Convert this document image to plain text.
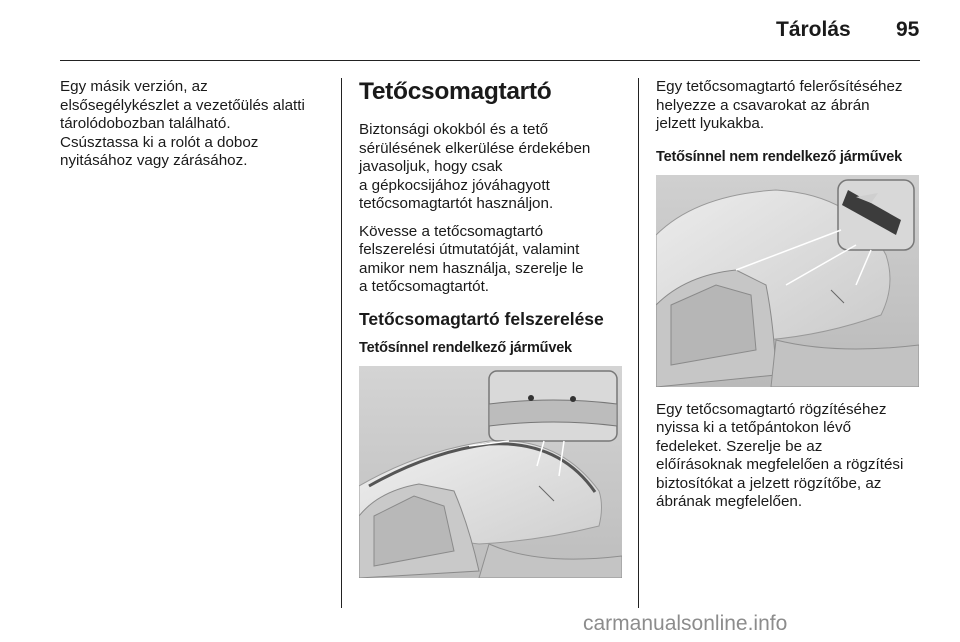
Tárolás 95

Egy másik verzión, az
elsősegélykészlet a vezetőülés alatti
tárolódobozban található.
Csúsztassa ki a rolót a doboz
nyitásához vagy zárásához.

Tetőcsomagtartó

Biztonsági okokból és a tető
sérülésének elkerülése érdekében
javasoljuk, hogy csak
a gépkocsijához jóváhagyott
tetőcsomagtartót használjon.

Kövesse a tetőcsomagtartó
felszerelési útmutatóját, valamint
amikor nem használja, szerelje le
a tetőcsomagtartót.

Tetőcsomagtartó felszerelése
Tetősínnel rendelkező járművek

Egy tetőcsomagtartó felerősítéséhez
helyezze a csavarokat az ábrán
jelzett lyukakba.

Tetősínnel nem rendelkező járművek

Egy tetőcsomagtartó rögzítéséhez
nyissa ki a tetőpántokon lévő
fedeleket. Szerelje be az
előírásoknak megfelelően a rögzítési
biztosítókat a jelzett rögzítőbe, az
ábrának megfelelően.

carmanualsonline.info
